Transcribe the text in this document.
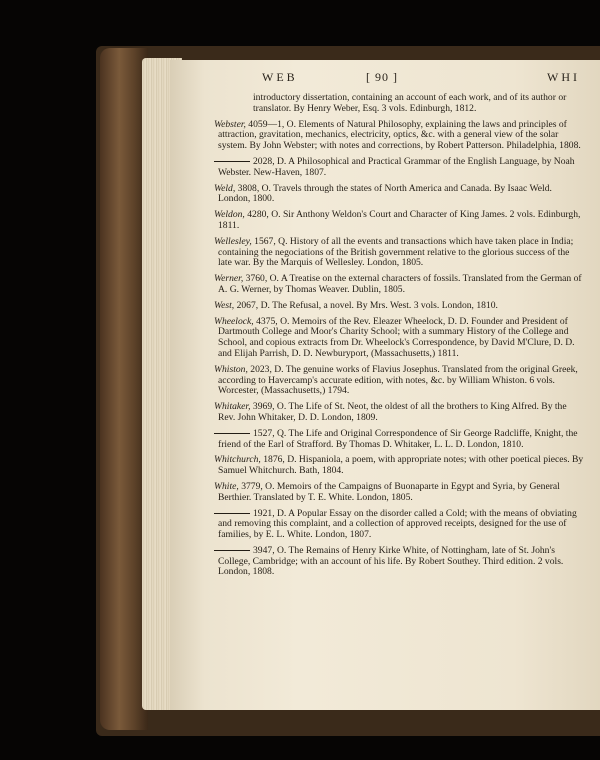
WEB	[ 90 ]	WHI
introductory dissertation, containing an account of each work, and of its author or translator. By Henry Weber, Esq. 3 vols. Edinburgh, 1812.
Webster, 4059—1, O. Elements of Natural Philosophy, explaining the laws and principles of attraction, gravitation, mechanics, electricity, optics, &c. with a general view of the solar system. By John Webster; with notes and corrections, by Robert Patterson. Philadelphia, 1808.
2028, D. A Philosophical and Practical Grammar of the English Language, by Noah Webster. New-Haven, 1807.
Weld, 3808, O. Travels through the states of North America and Canada. By Isaac Weld. London, 1800.
Weldon, 4280, O. Sir Anthony Weldon's Court and Character of King James. 2 vols. Edinburgh, 1811.
Wellesley, 1567, Q. History of all the events and transactions which have taken place in India; containing the negociations of the British government relative to the glorious success of the late war. By the Marquis of Wellesley. London, 1805.
Werner, 3760, O. A Treatise on the external characters of fossils. Translated from the German of A. G. Werner, by Thomas Weaver. Dublin, 1805.
West, 2067, D. The Refusal, a novel. By Mrs. West. 3 vols. London, 1810.
Wheelock, 4375, O. Memoirs of the Rev. Eleazer Wheelock, D. D. Founder and President of Dartmouth College and Moor's Charity School; with a summary History of the College and School, and copious extracts from Dr. Wheelock's Correspondence, by David M'Clure, D. D. and Elijah Parrish, D. D. Newburyport, (Massachusetts,) 1811.
Whiston, 2023, D. The genuine works of Flavius Josephus. Translated from the original Greek, according to Havercamp's accurate edition, with notes, &c. by William Whiston. 6 vols. Worcester, (Massachusetts,) 1794.
Whitaker, 3969, O. The Life of St. Neot, the oldest of all the brothers to King Alfred. By the Rev. John Whitaker, D. D. London, 1809.
1527, Q. The Life and Original Correspondence of Sir George Radcliffe, Knight, the friend of the Earl of Strafford. By Thomas D. Whitaker, L. L. D. London, 1810.
Whitchurch, 1876, D. Hispaniola, a poem, with appropriate notes; with other poetical pieces. By Samuel Whitchurch. Bath, 1804.
White, 3779, O. Memoirs of the Campaigns of Buonaparte in Egypt and Syria, by General Berthier. Translated by T. E. White. London, 1805.
1921, D. A Popular Essay on the disorder called a Cold; with the means of obviating and removing this complaint, and a collection of approved receipts, designed for the use of families, by E. L. White. London, 1807.
3947, O. The Remains of Henry Kirke White, of Nottingham, late of St. John's College, Cambridge; with an account of his life. By Robert Southey. Third edition. 2 vols. London, 1808.
